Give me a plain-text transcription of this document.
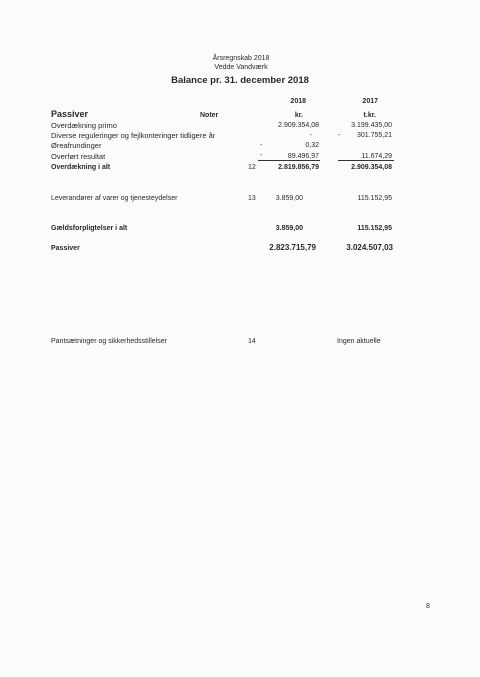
Årsregnskab 2018
Vedde Vandværk
Balance pr. 31. december 2018
2018	2017
kr.	t.kr.
Passiver	Noter
Overdækning primo	2.909.354,08	3.199.435,00
Diverse reguleringer og fejlkonteringer tidligere år	-	-	301.755,21
Øreafrundinger	-	0,32
Overført resultat	-	89.496,97	11.674,29
Overdækning i alt	12	2.819.856,79	2.909.354,08
Leverandører af varer og tjenesteydelser	13	3.859,00	115.152,95
Gældsforpligtelser i alt	3.859,00	115.152,95
Passiver	2.823.715,79	3.024.507,03
Pantsætninger og sikkerhedsstillelser	14	Ingen aktuelle
8
